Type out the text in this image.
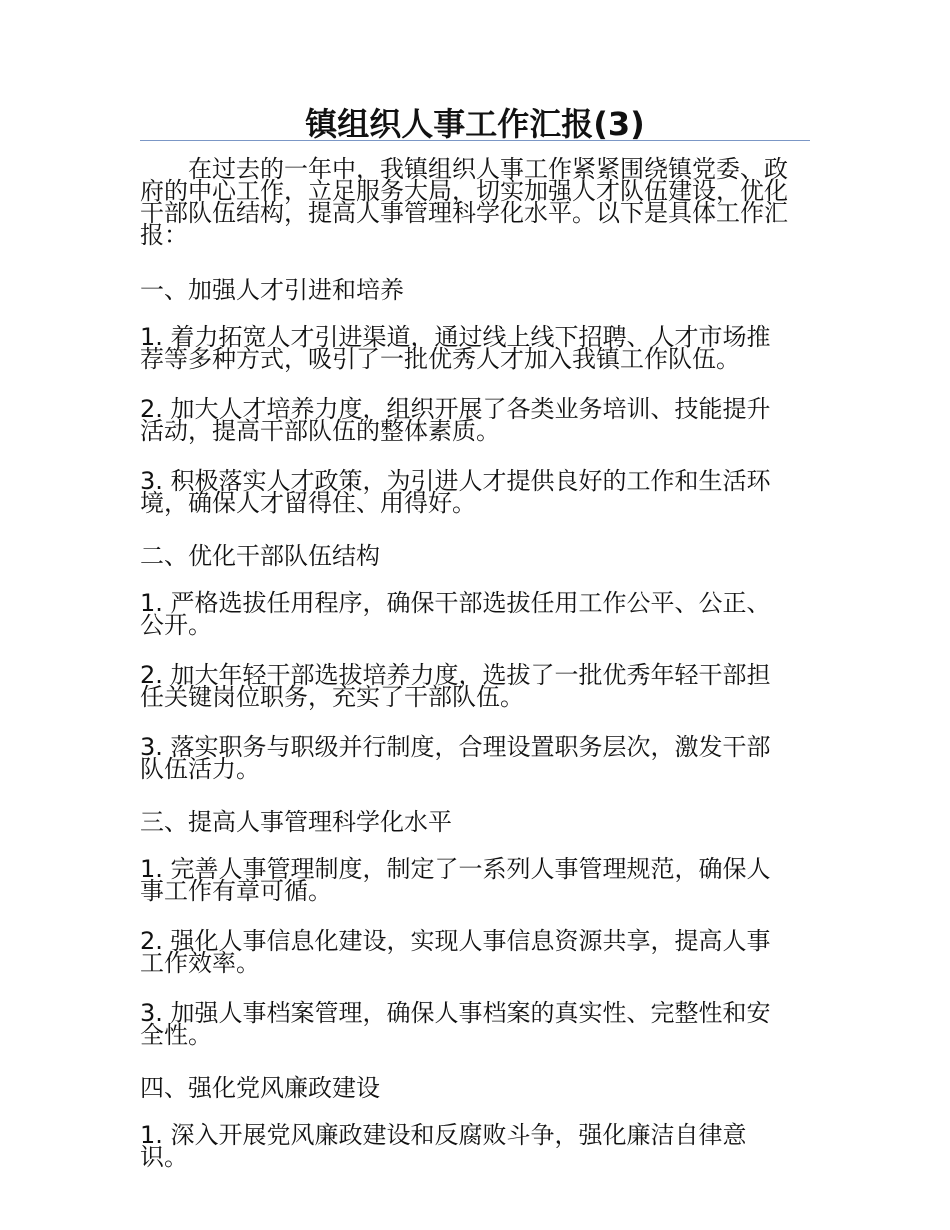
镇组织人事工作汇报(3)

在过去的一年中，我镇组织人事工作紧紧围绕镇党委、政府的中心工作，立足服务大局，切实加强人才队伍建设，优化干部队伍结构，提高人事管理科学化水平。以下是具体工作汇报：

一、加强人才引进和培养

1. 着力拓宽人才引进渠道，通过线上线下招聘、人才市场推荐等多种方式，吸引了一批优秀人才加入我镇工作队伍。

2. 加大人才培养力度，组织开展了各类业务培训、技能提升活动，提高干部队伍的整体素质。

3. 积极落实人才政策，为引进人才提供良好的工作和生活环境，确保人才留得住、用得好。

二、优化干部队伍结构

1. 严格选拔任用程序，确保干部选拔任用工作公平、公正、公开。

2. 加大年轻干部选拔培养力度，选拔了一批优秀年轻干部担任关键岗位职务，充实了干部队伍。

3. 落实职务与职级并行制度，合理设置职务层次，激发干部队伍活力。

三、提高人事管理科学化水平

1. 完善人事管理制度，制定了一系列人事管理规范，确保人事工作有章可循。

2. 强化人事信息化建设，实现人事信息资源共享，提高人事工作效率。

3. 加强人事档案管理，确保人事档案的真实性、完整性和安全性。

四、强化党风廉政建设

1. 深入开展党风廉政建设和反腐败斗争，强化廉洁自律意识。
